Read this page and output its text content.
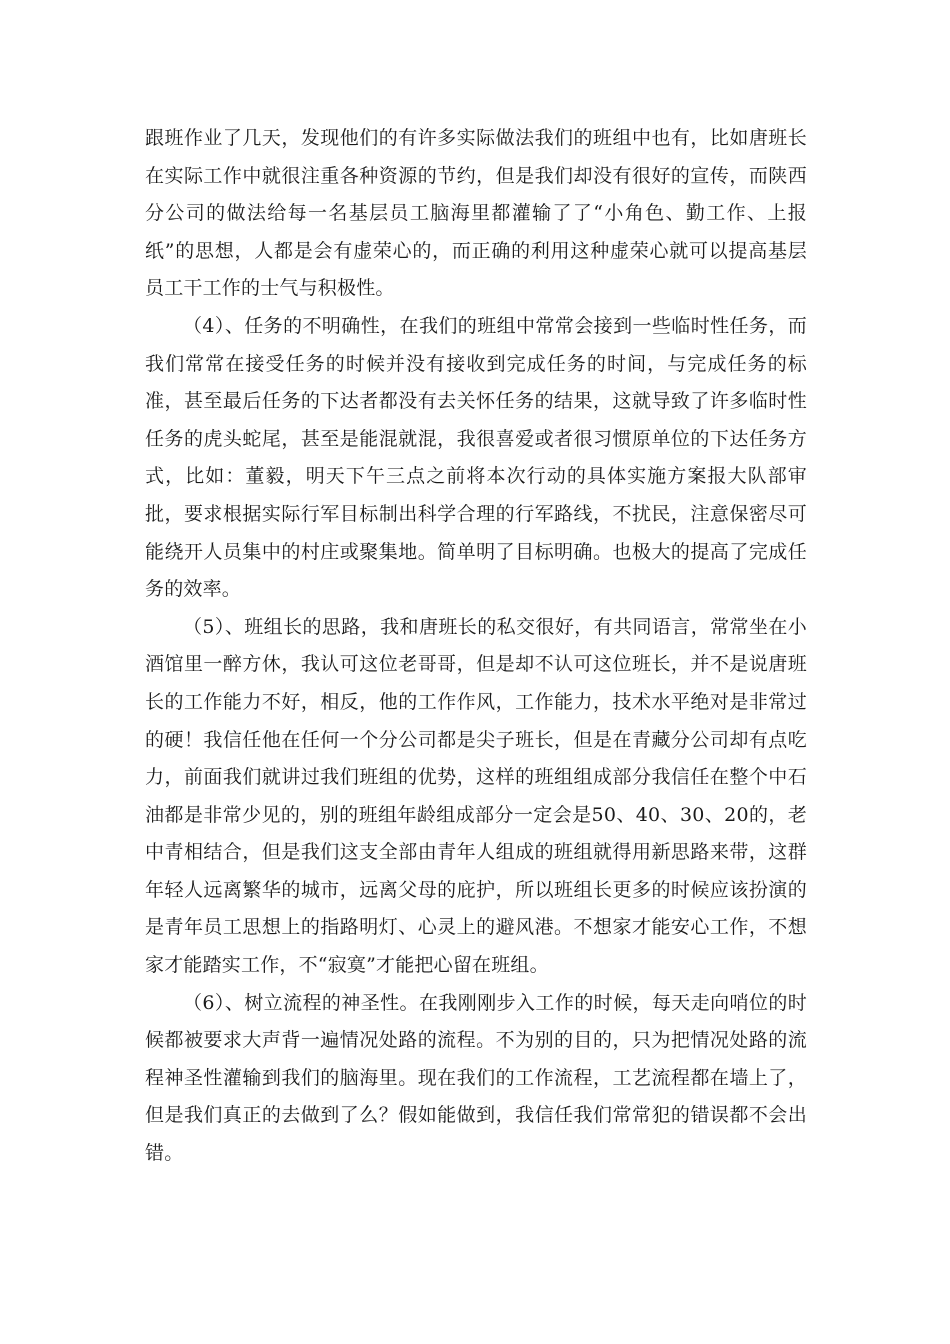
跟班作业了几天，发现他们的有许多实际做法我们的班组中也有，比如唐班长在实际工作中就很注重各种资源的节约，但是我们却没有很好的宣传，而陕西分公司的做法给每一名基层员工脑海里都灌输了了“小角色、勤工作、上报纸”的思想，人都是会有虚荣心的，而正确的利用这种虚荣心就可以提高基层员工干工作的士气与积极性。

（4）、任务的不明确性，在我们的班组中常常会接到一些临时性任务，而我们常常在接受任务的时候并没有接收到完成任务的时间，与完成任务的标准，甚至最后任务的下达者都没有去关怀任务的结果，这就导致了许多临时性任务的虎头蛇尾，甚至是能混就混，我很喜爱或者很习惯原单位的下达任务方式，比如：董毅，明天下午三点之前将本次行动的具体实施方案报大队部审批，要求根据实际行军目标制出科学合理的行军路线，不扰民，注意保密尽可能绕开人员集中的村庄或聚集地。简单明了目标明确。也极大的提高了完成任务的效率。

（5）、班组长的思路，我和唐班长的私交很好，有共同语言，常常坐在小酒馆里一醉方休，我认可这位老哥哥，但是却不认可这位班长，并不是说唐班长的工作能力不好，相反，他的工作作风，工作能力，技术水平绝对是非常过的硬！我信任他在任何一个分公司都是尖子班长，但是在青藏分公司却有点吃力，前面我们就讲过我们班组的优势，这样的班组组成部分我信任在整个中石油都是非常少见的，别的班组年龄组成部分一定会是50、40、30、20的，老中青相结合，但是我们这支全部由青年人组成的班组就得用新思路来带，这群年轻人远离繁华的城市，远离父母的庇护，所以班组长更多的时候应该扮演的是青年员工思想上的指路明灯、心灵上的避风港。不想家才能安心工作，不想家才能踏实工作，不“寂寞”才能把心留在班组。

（6）、树立流程的神圣性。在我刚刚步入工作的时候，每天走向哨位的时候都被要求大声背一遍情况处路的流程。不为别的目的，只为把情况处路的流程神圣性灌输到我们的脑海里。现在我们的工作流程，工艺流程都在墙上了，但是我们真正的去做到了么？假如能做到，我信任我们常常犯的错误都不会出错。
